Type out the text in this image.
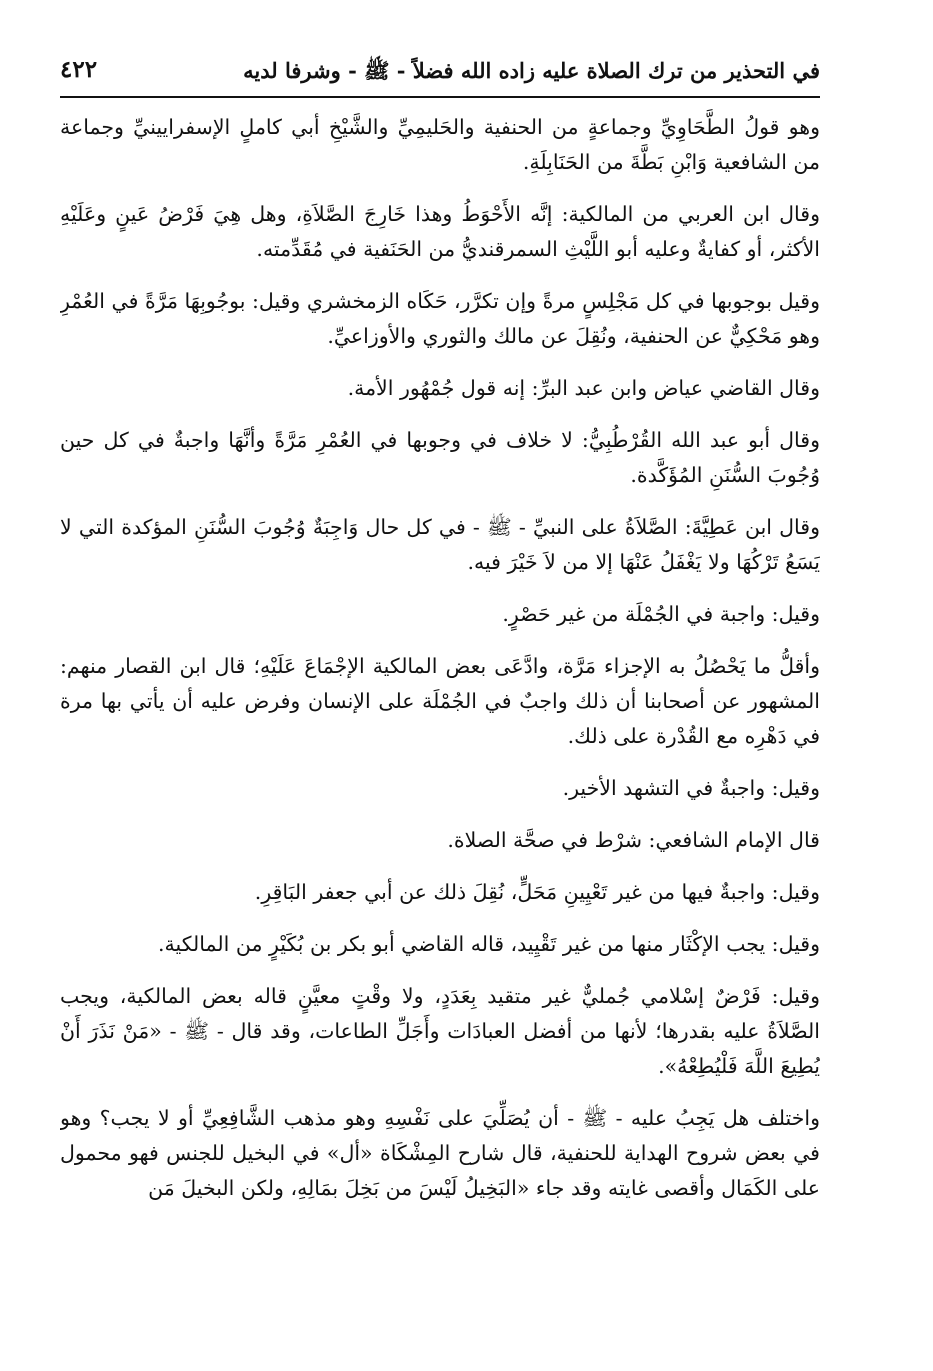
في التحذير من ترك الصلاة عليه زاده الله فضلاً - ﷺ - وشرفا لديه
٤٢٢

وهو قولُ الطَّحَاوِيِّ وجماعةٍ من الحنفية والحَليمِيِّ والشَّيْخِ أبي كاملٍ الإسفرايينيِّ وجماعة من الشافعية وَابْنِ بَطَّةَ من الحَنَابِلَةِ.

وقال ابن العربي من المالكية: إنَّه الأَحْوَطُ وهذا خَارِجَ الصَّلاَةِ، وهل هِيَ فَرْضُ عَينٍ وعَلَيْهِ الأكثر، أو كفايةٌ وعليه أبو اللَّيْثِ السمرقنديُّ من الحَنَفية في مُقَدِّمته.

وقيل بوجوبها في كل مَجْلِسٍ مرةً وإن تكرَّر، حَكَاه الزمخشري وقيل: بوجُوبِهَا مَرَّةً في العُمْرِ وهو مَحْكِيٌّ عن الحنفية، ونُقِلَ عن مالك والثوري والأوزاعيِّ.

وقال القاضي عياض وابن عبد البرِّ: إنه قول جُمْهُور الأمة.

وقال أبو عبد الله القُرْطُبِيُّ: لا خلاف في وجوبها في العُمْرِ مَرَّةً وأنَّهَا واجبةٌ في كل حين وُجُوبَ السُّنَنِ المُؤَكَّدة.

وقال ابن عَطِيَّةَ: الصَّلاَةُ على النبيِّ - ﷺ - في كل حال وَاجِبَةٌ وُجُوبَ السُّنَنِ المؤكدة التي لا يَسَعُ تَرْكُهَا ولا يَغْفَلُ عَنْهَا إلا من لاَ خَيْرَ فيه.

وقيل: واجبة في الجُمْلَة من غير حَصْرٍ.

وأقلُّ ما يَحْصُلُ به الإجزاء مَرَّة، وادَّعَى بعض المالكية الإجْمَاعَ عَلَيْهِ؛ قال ابن القصار منهم: المشهور عن أصحابنا أن ذلك واجبٌ في الجُمْلَة على الإنسان وفرض عليه أن يأتي بها مرة في دَهْرِه مع القُدْرة على ذلك.

وقيل: واجبةٌ في التشهد الأخير.

قال الإمام الشافعي: شرْط في صحَّة الصلاة.

وقيل: واجبةٌ فيها من غير تَعْيِينِ مَحَلٍّ، نُقِلَ ذلك عن أبي جعفر البَاقِرِ.

وقيل: يجب الإكْثَار منها من غير تَقْيِيد، قاله القاضي أبو بكر بن بُكَيْرٍ من المالكية.

وقيل: فَرْضٌ إسْلامي جُمليٌّ غير متقيد بِعَدَدٍ، ولا وقْتٍ معيَّنٍ قاله بعض المالكية، ويجب الصَّلاَةُ عليه بقدرها؛ لأنها من أفضل العبادَات وأَجَلِّ الطاعات، وقد قال - ﷺ - «مَنْ نَذَرَ أَنْ يُطِيعَ اللَّهَ فَلْيُطِعْهُ».

واختلف هل يَجِبُ عليه - ﷺ - أن يُصَلِّيَ على نَفْسِهِ وهو مذهب الشَّافِعِيِّ أو لا يجب؟ وهو في بعض شروح الهداية للحنفية، قال شارح المِشْكَاة «أل» في البخيل للجنس فهو محمول على الكَمَال وأقصى غايته وقد جاء «البَخِيلُ لَيْسَ من بَخِلَ بمَالِهِ، ولكن البخيلَ مَن
